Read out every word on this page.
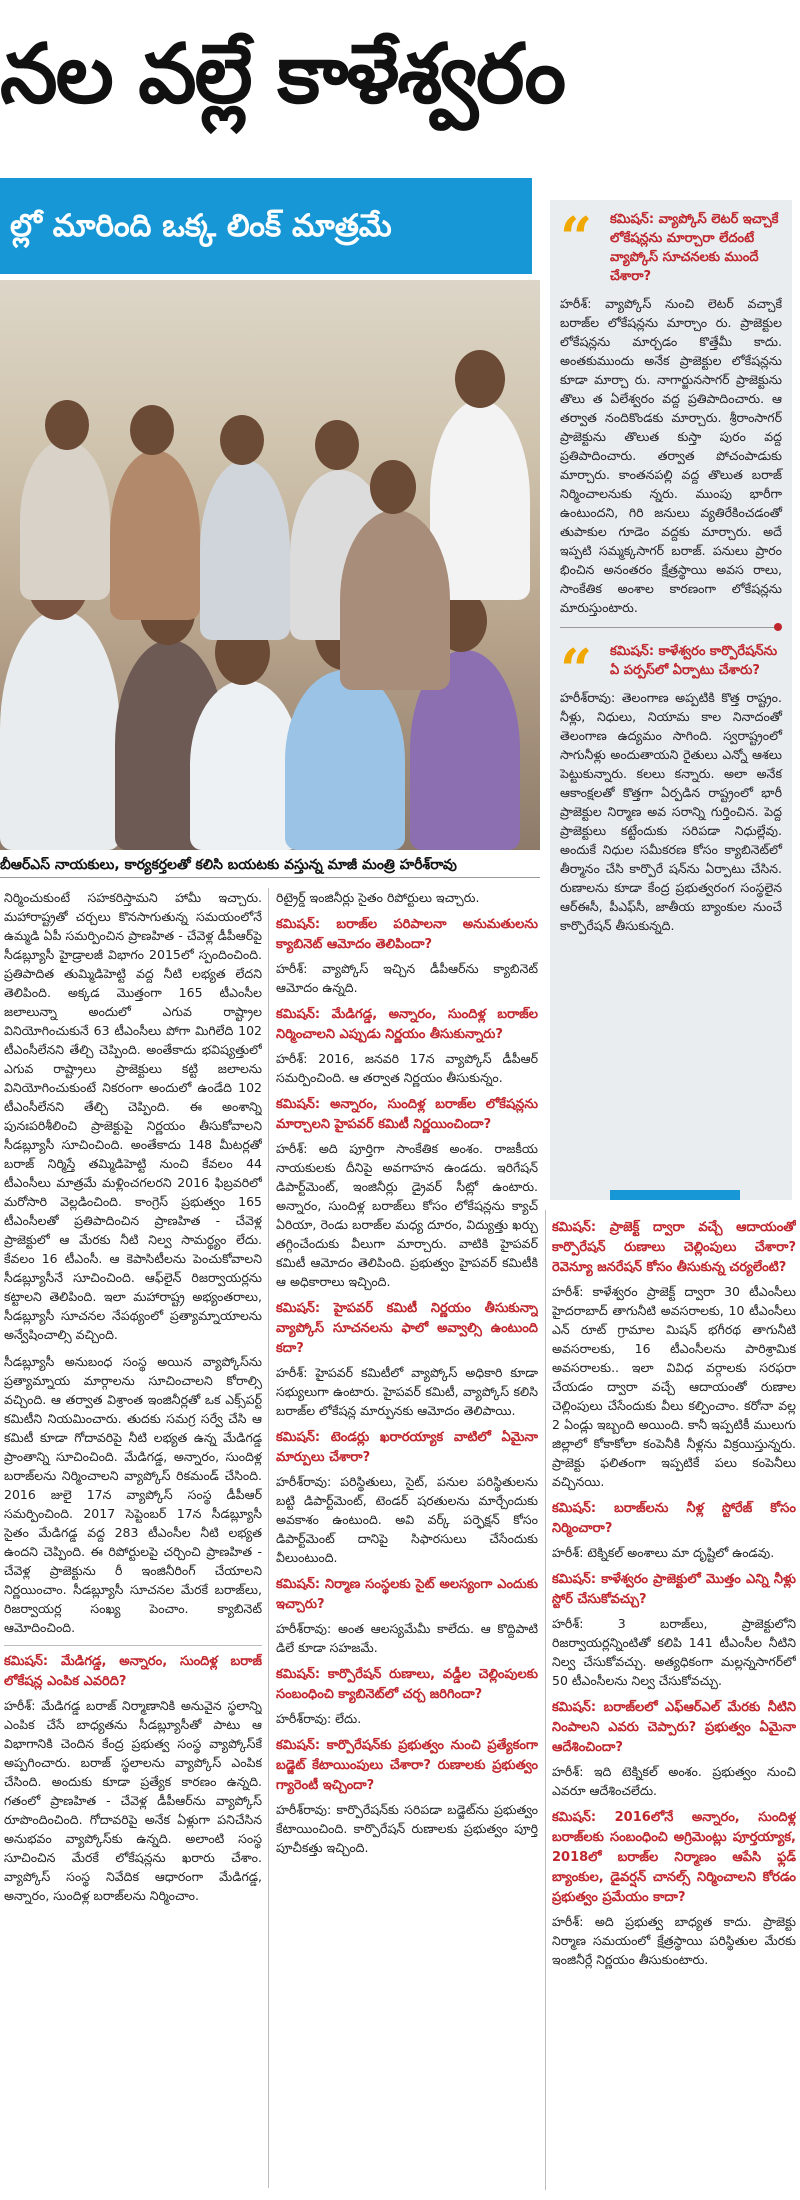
నల వల్లే కాళేశ్వరం
ల్లో మారింది ఒక్క లింక్ మాత్రమే
బీఆర్ఎస్ నాయకులు, కార్యకర్తలతో కలిసి బయటకు వస్తున్న మాజీ మంత్రి హరీశ్‌రావు
“	కమిషన్: వ్యాప్కోస్ లెటర్ ఇచ్చాకే లోకేషన్లను మార్చారా లేదంటే వ్యాప్కోస్ సూచనలకు ముందే చేశారా?
హరీశ్: వ్యాప్కోస్ నుంచి లెటర్ వచ్చాకే బరాజ్‌ల లోకేషన్లను మార్చాం రు. ప్రాజెక్టుల లోకేషన్లను మార్చడం కొత్తేమీ కాదు. అంతకుముందు అనేక ప్రాజెక్టుల లోకేషన్లను కూడా మార్చా రు. నాగార్జునసాగర్ ప్రాజెక్టును తొలు త ఏలేశ్వరం వద్ద ప్రతిపాదించారు. ఆ తర్వాత నందికొండకు మార్చారు. శ్రీరాంసాగర్ ప్రాజెక్టును తొలుత కుస్తా పురం వద్ద ప్రతిపాదించారు. తర్వాత పోచంపాడుకు మార్చారు. కాంతనపల్లి వద్ద తొలుత బరాజ్ నిర్మించాలనుకు న్నరు. ముంపు భారీగా ఉంటుందని, గిరి జనులు వ్యతిరేకించడంతో తుపాకుల గూడెం వద్దకు మార్చారు. అదే ఇప్పటి సమ్మక్కసాగర్ బరాజ్. పనులు ప్రారం భించిన అనంతరం క్షేత్రస్థాయి అవస రాలు, సాంకేతిక అంశాల కారణంగా లోకేషన్లను మారుస్తుంటారు.
“	కమిషన్: కాళేశ్వరం కార్పొరేషన్‌ను ఏ పర్పస్‌లో ఏర్పాటు చేశారు?
హరీశ్‌రావు: తెలంగాణ అప్పటికి కొత్త రాష్ట్రం. నీళ్లు, నిధులు, నియామ కాల నినాదంతో తెలంగాణ ఉద్యమం సాగింది. స్వరాష్ట్రంలో సాగునీళ్లు అందుతాయని రైతులు ఎన్నో ఆశలు పెట్టుకున్నారు. కలలు కన్నారు. అలా అనేక ఆకాంక్షలతో కొత్తగా ఏర్పడిన రాష్ట్రంలో భారీ ప్రాజెక్టుల నిర్మాణ అవ సరాన్ని గుర్తించిన. పెద్ద ప్రాజెక్టులు కట్టేందుకు సరిపడా నిధుల్లేవు. అందుకే నిధుల సమీకరణ కోసం క్యాబినెట్‌లో తీర్మానం చేసి కార్పొరే షన్‌ను ఏర్పాటు చేసిన. రుణాలను కూడా కేంద్ర ప్రభుత్వరంగ సంస్థలైన ఆర్ఈసీ, పీఎఫ్‌సీ, జాతీయ బ్యాంకుల నుంచే కార్పొరేషన్ తీసుకున్నది.

నిర్మించుకుంటే సహకరిస్తామని హామీ ఇచ్చారు. మహారాష్ట్రతో చర్చలు కొనసాగుతున్న సమయంలోనే ఉమ్మడి ఏపీ సమర్పించిన ప్రాణహిత - చేవెళ్ల డీపీఆర్‌పై సీడబ్ల్యూసీ హైడ్రాలజీ విభాగం 2015లో స్పందించింది. ప్రతిపాదిత తుమ్మిడిహెట్టి వద్ద నీటి లభ్యత లేదని తెలిపింది. అక్కడ మొత్తంగా 165 టీఎంసీల జలాలున్నా అందులో ఎగువ రాష్ట్రాల వినియోగించుకునే 63 టీఎంసీలు పోగా మిగిలేది 102 టీఎంసీలేనని తేల్చి చెప్పింది. అంతేకాదు భవిష్యత్తులో ఎగువ రాష్ట్రాలు ప్రాజెక్టులు కట్టి జలాలను వినియోగించుకుంటే నికరంగా అందులో ఉండేది 102 టీఎంసీలేనని తేల్చి చెప్పింది. ఈ అంశాన్ని పునఃపరిశీలించి ప్రాజెక్టుపై నిర్ణయం తీసుకోవాలని సీడబ్ల్యూసీ సూచించింది. అంతేకాదు 148 మీటర్లతో బరాజ్ నిర్మిస్తే తమ్మిడిహెట్టి నుంచి కేవలం 44 టీఎంసీలు మాత్రమే మళ్లించగలరని 2016 ఫిబ్రవరిలో మరోసారి వెల్లడించింది. కాంగ్రెస్ ప్రభుత్వం 165 టీఎంసీలతో ప్రతిపాదించిన ప్రాణహిత - చేవెళ్ల ప్రాజెక్టులో ఆ మేరకు నీటి నిల్వ సామర్థ్యం లేదు. కేవలం 16 టీఎంసీ. ఆ కెపాసిటీలను పెంచుకోవాలని సీడబ్ల్యూసీనే సూచించింది. ఆఫ్‌లైన్ రిజర్వాయర్లను కట్టాలని తెలిపింది. ఇలా మహారాష్ట్ర అభ్యంతరాలు, సీడబ్ల్యూసీ సూచనల నేపథ్యంలో ప్రత్యామ్నాయాలను అన్వేషించాల్సి వచ్చింది.

సీడబ్ల్యూసీ అనుబంధ సంస్థ అయిన వ్యాప్కోస్‌ను ప్రత్యామ్నాయ మార్గాలను సూచించాలని కోరాల్సి వచ్చింది. ఆ తర్వాత విశ్రాంత ఇంజినీర్లతో ఒక ఎక్స్‌పర్ట్ కమిటీని నియమించారు. తుదకు సమగ్ర సర్వే చేసి ఆ కమిటీ కూడా గోదావరిపై నీటి లభ్యత ఉన్న మేడిగడ్డ ప్రాంతాన్ని సూచించింది. మేడిగడ్డ, అన్నారం, సుందిళ్ల బరాజ్‌లను నిర్మించాలని వ్యాప్కోస్ రికమండ్ చేసింది. 2016 జులై 17న వ్యాప్కోస్ సంస్థ డీపీఆర్ సమర్పించింది. 2017 సెప్టెంబర్ 17న సీడబ్ల్యూసీ సైతం మేడిగడ్డ వద్ద 283 టీఎంసీల నీటి లభ్యత ఉందని చెప్పింది. ఈ రిపోర్టులపై చర్చించి ప్రాణహిత - చేవెళ్ల ప్రాజెక్టును రీ ఇంజినీరింగ్ చేయాలని నిర్ణయించాం. సీడబ్ల్యూసీ సూచనల మేరకే బరాజ్‌లు, రిజర్వాయర్ల సంఖ్య పెంచాం. క్యాబినెట్ ఆమోదించింది.

కమిషన్: మేడిగడ్డ, అన్నారం, సుందిళ్ల బరాజ్ లోకేషన్ల ఎంపిక ఎవరిది?
హరీశ్: మేడిగడ్డ బరాజ్ నిర్మాణానికి అనువైన స్థలాన్ని ఎంపిక చేసే బాధ్యతను సీడబ్ల్యూసీతో పాటు ఆ విభాగానికి చెందిన కేంద్ర ప్రభుత్వ సంస్థ వ్యాప్కోస్‌కే అప్పగించారు. బరాజ్ స్థలాలను వ్యాప్కోస్ ఎంపిక చేసింది. అందుకు కూడా ప్రత్యేక కారణం ఉన్నది. గతంలో ప్రాణహిత - చేవెళ్ల డీపీఆర్‌ను వ్యాప్కోస్ రూపొందించింది. గోదావరిపై అనేక ఏళ్లుగా పనిచేసిన అనుభవం వ్యాప్కోస్‌కు ఉన్నది. అలాంటి సంస్థ సూచించిన మేరకే లోకేషన్లను ఖరారు చేశాం. వ్యాప్కోస్ సంస్థ నివేదిక ఆధారంగా మేడిగడ్డ, అన్నారం, సుందిళ్ల బరాజ్‌లను నిర్మించాం.

రిట్రైర్డ్ ఇంజినీర్లు సైతం రిపోర్టులు ఇచ్చారు.

కమిషన్: బరాజ్‌ల పరిపాలనా అనుమతులను క్యాబినెట్ ఆమోదం తెలిపిందా?
హరీశ్: వ్యాప్కోస్ ఇచ్చిన డీపీఆర్‌ను క్యాబినెట్ ఆమోదం ఉన్నది.
కమిషన్: మేడిగడ్డ, అన్నారం, సుందిళ్ల బరాజ్‌ల నిర్మించాలని ఎప్పుడు నిర్ణయం తీసుకున్నారు?
హరీశ్: 2016, జనవరి 17న వ్యాప్కోస్ డీపీఆర్ సమర్పించింది. ఆ తర్వాత నిర్ణయం తీసుకున్నం.
కమిషన్: అన్నారం, సుందిళ్ల బరాజ్‌ల లోకేషన్లను మార్చాలని హైపవర్ కమిటీ నిర్ణయించిందా?
హరీశ్: అది పూర్తిగా సాంకేతిక అంశం. రాజకీయ నాయకులకు దీనిపై అవగాహన ఉండదు. ఇరిగేషన్ డిపార్ట్‌మెంట్, ఇంజినీర్లు డ్రైవర్ సీట్లో ఉంటారు. అన్నారం, సుందిళ్ల బరాజ్‌లు కోసం లోకేషన్లను క్యాచ్ ఏరియా, రెండు బరాజ్‌ల మధ్య దూరం, విద్యుత్తు ఖర్చు తగ్గించేందుకు వీలుగా మార్చారు. వాటికి హైపవర్ కమిటీ ఆమోదం తెలిపింది. ప్రభుత్వం హైపవర్ కమిటీకి ఆ అధికారాలు ఇచ్చింది.
కమిషన్: హైపవర్ కమిటీ నిర్ణయం తీసుకున్నా వ్యాప్కోస్ సూచనలను ఫాలో అవ్వాల్సి ఉంటుంది కదా?
హరీశ్: హైపవర్ కమిటీలో వ్యాప్కోస్ అధికారి కూడా సభ్యులుగా ఉంటారు. హైపవర్ కమిటీ, వ్యాప్కోస్ కలిసి బరాజ్‌ల లోకేషన్ల మార్పునకు ఆమోదం తెలిపాయి.
కమిషన్: టెండర్లు ఖరారయ్యాక వాటిలో ఏమైనా మార్పులు చేశారా?
హరీశ్‌రావు: పరిస్థితులు, సైట్, పనుల పరిస్థితులను బట్టి డిపార్ట్‌మెంట్, టెండర్ షరతులను మార్చేందుకు అవకాశం ఉంటుంది. అవి వర్క్ పర్ఫెక్షన్ కోసం డిపార్ట్‌మెంట్ దానిపై సిఫారసులు చేసేందుకు వీలుంటుంది.
కమిషన్: నిర్మాణ సంస్థలకు సైట్ అలస్యంగా ఎందుకు ఇచ్చారు?
హరీశ్‌రావు: అంత ఆలస్యమేమీ కాలేదు. ఆ కొద్దిపాటి డిలే కూడా సహజమే.
కమిషన్: కార్పొరేషన్ రుణాలు, వడ్డీల చెల్లింపులకు సంబంధించి క్యాబినెట్‌లో చర్చ జరిగిందా?
హరీశ్‌రావు: లేదు.
కమిషన్: కార్పొరేషన్‌కు ప్రభుత్వం నుంచి ప్రత్యేకంగా బడ్జెట్ కేటాయింపులు చేశారా? రుణాలకు ప్రభుత్వం గ్యారెంటీ ఇచ్చిందా?
హరీశ్‌రావు: కార్పొరేషన్‌కు సరిపడా బడ్జెట్‌ను ప్రభుత్వం కేటాయించింది. కార్పొరేషన్ రుణాలకు ప్రభుత్వం పూర్తి పూచీకత్తు ఇచ్చింది.
కమిషన్: ప్రాజెక్ట్ ద్వారా వచ్చే ఆదాయంతో కార్పొరేషన్ రుణాలు చెల్లింపులు చేశారా? రెవెన్యూ జనరేషన్ కోసం తీసుకున్న చర్యలేంటి?
హరీశ్: కాళేశ్వరం ప్రాజెక్ట్ ద్వారా 30 టీఎంసీలు హైదరాబాద్ తాగునీటి అవసరాలకు, 10 టీఎంసీలు ఎన్ రూట్ గ్రామాల మిషన్ భగీరథ తాగునీటి అవసరాలకు, 16 టీఎంసీలను పారిశ్రామిక అవసరాలకు.. ఇలా వివిధ వర్గాలకు సరఫరా చేయడం ద్వారా వచ్చే ఆదాయంతో రుణాల చెల్లింపులు చేసేందుకు వీలు కల్పించాం. కరోనా వల్ల 2 ఏండ్లు ఇబ్బంది అయింది. కానీ ఇప్పటికీ ములుగు జిల్లాలో కోకాకోలా కంపెనీకి నీళ్లను విక్రయిస్తున్నరు. ప్రాజెక్టు ఫలితంగా ఇప్పటికే పలు కంపెనీలు వచ్చినయి.
కమిషన్: బరాజ్‌లను నీళ్ల స్టోరేజ్ కోసం నిర్మించారా?
హరీశ్: టెక్నికల్ అంశాలు మా దృష్టిలో ఉండవు.
కమిషన్: కాళేశ్వరం ప్రాజెక్టులో మొత్తం ఎన్ని నీళ్లు స్టోర్ చేసుకోవచ్చు?
హరీశ్: 3 బరాజ్‌లు, ప్రాజెక్టులోని రిజర్వాయర్లన్నింటితో కలిపి 141 టీఎంసీల నీటిని నిల్వ చేసుకోవచ్చు. అత్యధికంగా మల్లన్నసాగర్‌లో 50 టీఎంసీలను నిల్వ చేసుకోవచ్చు.
కమిషన్: బరాజ్‌లలో ఎఫ్ఆర్ఎల్ మేరకు నీటిని నింపాలని ఎవరు చెప్పారు? ప్రభుత్వం ఏమైనా ఆదేశించిందా?
హరీశ్: ఇది టెక్నికల్ అంశం. ప్రభుత్వం నుంచి ఎవరూ ఆదేశించలేదు.
కమిషన్: 2016లోనే అన్నారం, సుందిళ్ల బరాజ్‌లకు సంబంధించి అగ్రిమెంట్లు పూర్తయ్యాక, 2018లో బరాజ్‌ల నిర్మాణం ఆపేసి ఫ్లడ్ బ్యాంకుల, డైవర్షన్ చానల్స్ నిర్మించాలని కోరడం ప్రభుత్వం ప్రమేయం కాదా?
హరీశ్: అది ప్రభుత్వ బాధ్యత కాదు. ప్రాజెక్టు నిర్మాణ సమయంలో క్షేత్రస్థాయి పరిస్థితుల మేరకు ఇంజినీర్లే నిర్ణయం తీసుకుంటారు.
